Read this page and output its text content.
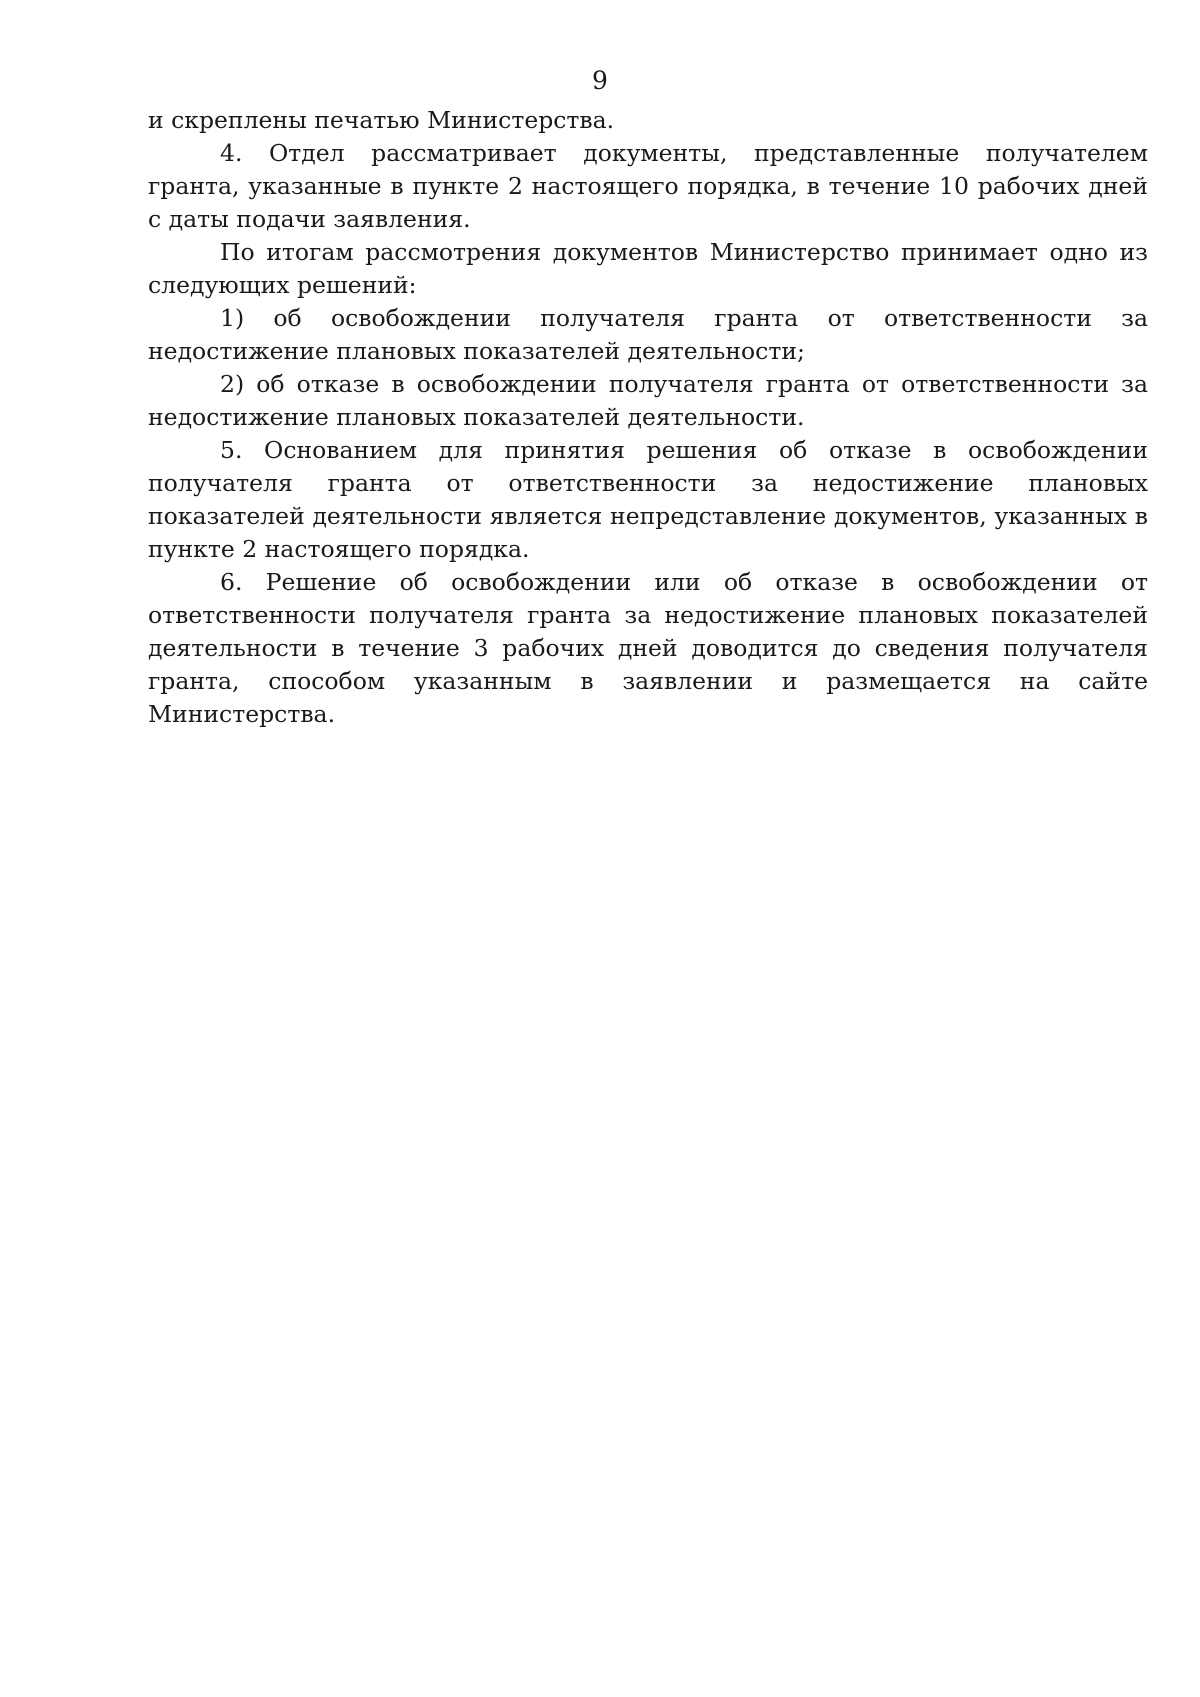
9

и скреплены печатью Министерства.

4. Отдел рассматривает документы, представленные получателем гранта, указанные в пункте 2 настоящего порядка, в течение 10 рабочих дней с даты подачи заявления.

По итогам рассмотрения документов Министерство принимает одно из следующих решений:

1) об освобождении получателя гранта от ответственности за недостижение плановых показателей деятельности;

2) об отказе в освобождении получателя гранта от ответственности за недостижение плановых показателей деятельности.

5. Основанием для принятия решения об отказе в освобождении получателя гранта от ответственности за недостижение плановых показателей деятельности является непредставление документов, указанных в пункте 2 настоящего порядка.

6. Решение об освобождении или об отказе в освобождении от ответственности получателя гранта за недостижение плановых показателей деятельности в течение 3 рабочих дней доводится до сведения получателя гранта, способом указанным в заявлении и размещается на сайте Министерства.
